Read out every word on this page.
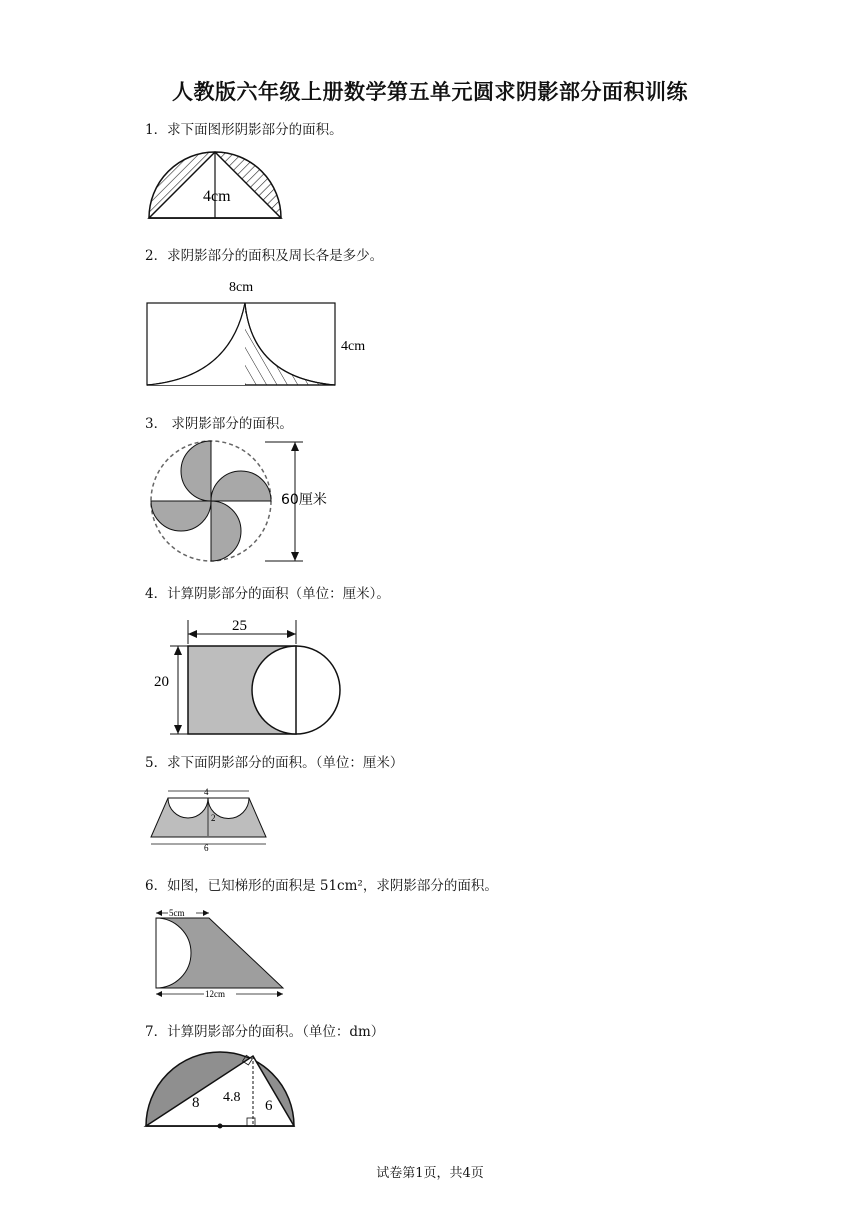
人教版六年级上册数学第五单元圆求阴影部分面积训练
1．求下面图形阴影部分的面积。
4cm
2．求阴影部分的面积及周长各是多少。
8cm
4cm
3． 求阴影部分的面积。
60厘米
4．计算阴影部分的面积（单位：厘米）。
25
20
5．求下面阴影部分的面积。（单位：厘米）
4
2
6
6．如图，已知梯形的面积是 51cm²，求阴影部分的面积。
5cm
12cm
7．计算阴影部分的面积。（单位：dm）
8 4.8
6
试卷第1页，共4页
